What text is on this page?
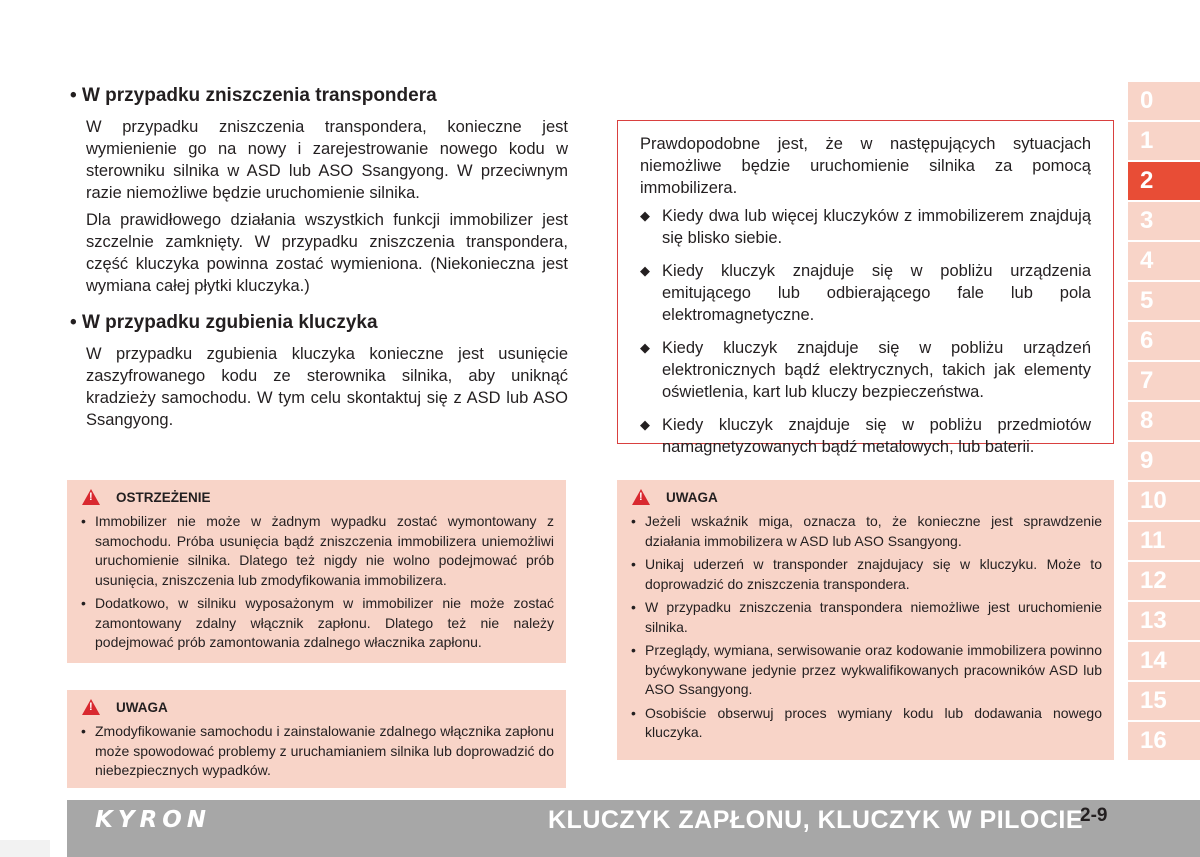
• W przypadku zniszczenia transpondera

W przypadku zniszczenia transpondera, konieczne jest wymienienie go na nowy i zarejestrowanie nowego kodu w sterowniku silnika w ASD lub ASO Ssangyong. W przeciwnym razie niemożliwe będzie uruchomienie silnika.

Dla prawidłowego działania wszystkich funkcji immobilizer jest szczelnie zamknięty. W przypadku zniszczenia transpondera, część kluczyka powinna zostać wymieniona. (Niekonieczna jest wymiana całej płytki kluczyka.)

• W przypadku zgubienia kluczyka

W przypadku zgubienia kluczyka konieczne jest usunięcie zaszyfrowanego kodu ze sterownika silnika, aby uniknąć kradzieży samochodu. W tym celu skontaktuj się z ASD lub ASO Ssangyong.

Prawdopodobne jest, że w następujących sytuacjach niemożliwe będzie uruchomienie silnika za pomocą immobilizera.

◆ Kiedy dwa lub więcej kluczyków z immobilizerem znajdują się blisko siebie.
◆ Kiedy kluczyk znajduje się w pobliżu urządzenia emitującego lub odbierającego fale lub pola elektromagnetyczne.
◆ Kiedy kluczyk znajduje się w pobliżu urządzeń elektronicznych bądź elektrycznych, takich jak elementy oświetlenia, kart lub kluczy bezpieczeństwa.
◆ Kiedy kluczyk znajduje się w pobliżu przedmiotów namagnetyzowanych bądź metalowych, lub baterii.
! OSTRZEŻENIE
• Immobilizer nie może w żadnym wypadku zostać wymontowany z samochodu. Próba usunięcia bądź zniszczenia immobilizera uniemożliwi uruchomienie silnika. Dlatego też nigdy nie wolno podejmować prób usunięcia, zniszczenia lub zmodyfikowania immobilizera.
• Dodatkowo, w silniku wyposażonym w immobilizer nie może zostać zamontowany zdalny włącznik zapłonu. Dlatego też nie należy podejmować prób zamontowania zdalnego włacznika zapłonu.
! UWAGA
• Zmodyfikowanie samochodu i zainstalowanie zdalnego włącznika zapłonu może spowodować problemy z uruchamianiem silnika lub doprowadzić do niebezpiecznych wypadków.
! UWAGA
• Jeżeli wskaźnik miga, oznacza to, że konieczne jest sprawdzenie działania immobilizera w ASD lub ASO Ssangyong.
• Unikaj uderzeń w transponder znajdujacy się w kluczyku. Może to doprowadzić do zniszczenia transpondera.
• W przypadku zniszczenia transpondera niemożliwe jest uruchomienie silnika.
• Przeglądy, wymiana, serwisowanie oraz kodowanie immobilizera powinno byćwykonywane jedynie przez wykwalifikowanych pracowników ASD lub ASO Ssangyong.
• Osobiście obserwuj proces wymiany kodu lub dodawania nowego kluczyka.
0
1
2
3
4
5
6
7
8
9
10
11
12
13
14
15
16
KYRON	KLUCZYK ZAPŁONU, KLUCZYK W PILOCIE
2-9
